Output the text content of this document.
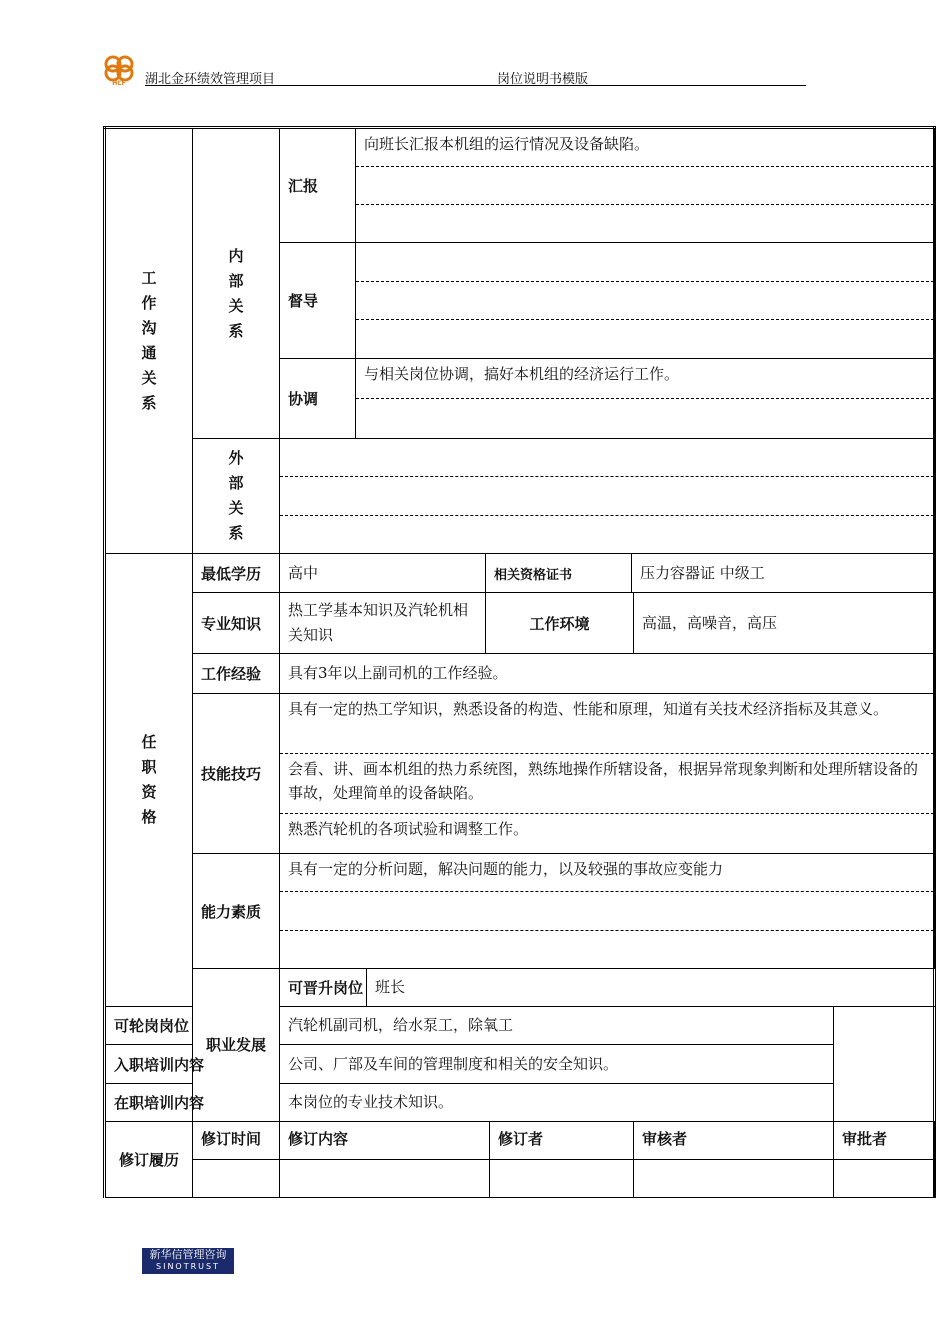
HCF 湖北金环绩效管理项目	岗位说明书模版
工作沟通关系	内部关系	汇报	向班长汇报本机组的运行情况及设备缺陷。						

		督导							

		协调	与相关岗位协调，搞好本机组的经济运行工作。						

	外部关系								

任职资格	最低学历	高中			相关资格证书		压力容器证 中级工		
	专业知识	热工学基本知识及汽轮机相关知识			工作环境			高温，高噪音，高压	
	工作经验	具有3年以上副司机的工作经验。							
	技能技巧	具有一定的热工学知识，熟悉设备的构造、性能和原理，知道有关技术经济指标及其意义。
会看、讲、画本机组的热力系统图，熟练地操作所辖设备，根据异常现象判断和处理所辖设备的事故，处理简单的设备缺陷。
熟悉汽轮机的各项试验和调整工作。							

	能力素质	具有一定的分析问题，解决问题的能力，以及较强的事故应变能力							

	职业发展	可晋升岗位		班长					
可轮岗岗位		汽轮机副司机，给水泵工，除氧工							
入职培训内容		公司、厂部及车间的管理制度和相关的安全知识。							
在职培训内容		本岗位的专业技术知识。							
修订履历	修订时间	修订内容				修订者		审核者	审批者

新华信管理咨询
SINOTRUST
